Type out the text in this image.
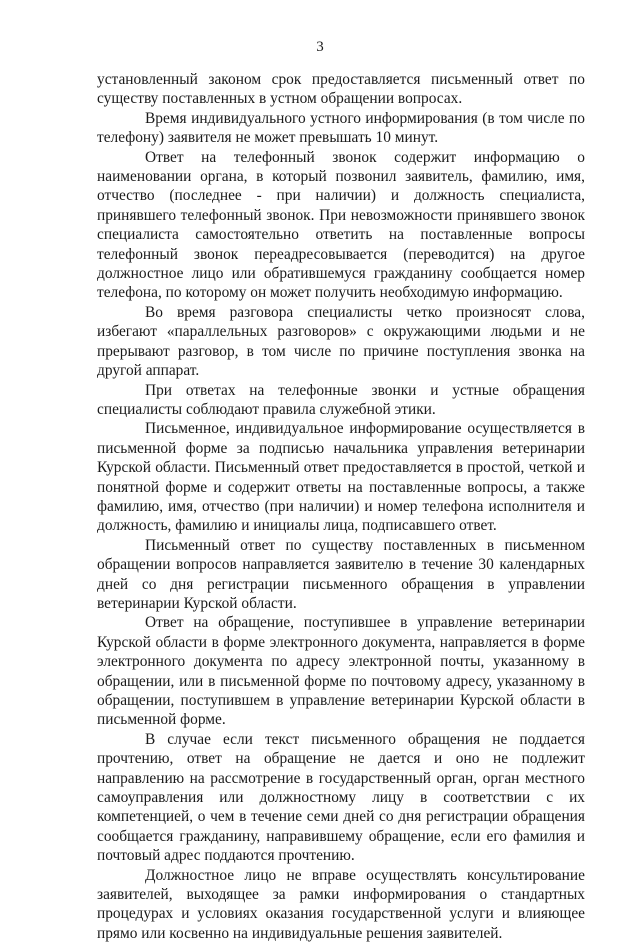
3

установленный законом срок предоставляется письменный ответ по существу поставленных в устном обращении вопросах.

Время индивидуального устного информирования (в том числе по телефону) заявителя не может превышать 10 минут.

Ответ на телефонный звонок содержит информацию о наименовании органа, в который позвонил заявитель, фамилию, имя, отчество (последнее - при наличии) и должность специалиста, принявшего телефонный звонок. При невозможности принявшего звонок специалиста самостоятельно ответить на поставленные вопросы телефонный звонок переадресовывается (переводится) на другое должностное лицо или обратившемуся гражданину сообщается номер телефона, по которому он может получить необходимую информацию.

Во время разговора специалисты четко произносят слова, избегают «параллельных разговоров» с окружающими людьми и не прерывают разговор, в том числе по причине поступления звонка на другой аппарат.

При ответах на телефонные звонки и устные обращения специалисты соблюдают правила служебной этики.

Письменное, индивидуальное информирование осуществляется в письменной форме за подписью начальника управления ветеринарии Курской области. Письменный ответ предоставляется в простой, четкой и понятной форме и содержит ответы на поставленные вопросы, а также фамилию, имя, отчество (при наличии) и номер телефона исполнителя и должность, фамилию и инициалы лица, подписавшего ответ.

Письменный ответ по существу поставленных в письменном обращении вопросов направляется заявителю в течение 30 календарных дней со дня регистрации письменного обращения в управлении ветеринарии Курской области.

Ответ на обращение, поступившее в управление ветеринарии Курской области в форме электронного документа, направляется в форме электронного документа по адресу электронной почты, указанному в обращении, или в письменной форме по почтовому адресу, указанному в обращении, поступившем в управление ветеринарии Курской области в письменной форме.

В случае если текст письменного обращения не поддается прочтению, ответ на обращение не дается и оно не подлежит направлению на рассмотрение в государственный орган, орган местного самоуправления или должностному лицу в соответствии с их компетенцией, о чем в течение семи дней со дня регистрации обращения сообщается гражданину, направившему обращение, если его фамилия и почтовый адрес поддаются прочтению.

Должностное лицо не вправе осуществлять консультирование заявителей, выходящее за рамки информирования о стандартных процедурах и условиях оказания государственной услуги и влияющее прямо или косвенно на индивидуальные решения заявителей.
